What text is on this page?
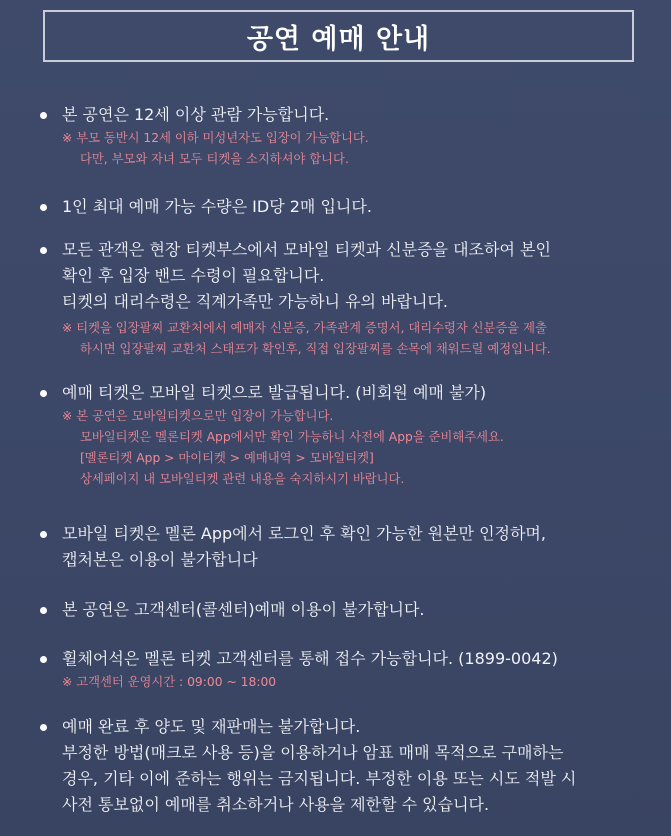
공연 예매 안내

본 공연은 12세 이상 관람 가능합니다.

※ 부모 동반시 12세 이하 미성년자도 입장이 가능합니다.

다만, 부모와 자녀 모두 티켓을 소지하셔야 합니다.

1인 최대 예매 가능 수량은 ID당 2매 입니다.

모든 관객은 현장 티켓부스에서 모바일 티켓과 신분증을 대조하여 본인

확인 후 입장 밴드 수령이 필요합니다.

티켓의 대리수령은 직계가족만 가능하니 유의 바랍니다.

※ 티켓을 입장팔찌 교환처에서 예매자 신분증, 가족관계 증명서, 대리수령자 신분증을 제출

하시면 입장팔찌 교환처 스태프가 확인후, 직접 입장팔찌를 손목에 채워드릴 예정입니다.

예매 티켓은 모바일 티켓으로 발급됩니다. (비회원 예매 불가)

※ 본 공연은 모바일티켓으로만 입장이 가능합니다.

모바일티켓은 멜론티켓 App에서만 확인 가능하니 사전에 App을 준비해주세요.

[멜론티켓 App > 마이티켓 > 예매내역 > 모바일티켓]

상세페이지 내 모바일티켓 관련 내용을 숙지하시기 바랍니다.

모바일 티켓은 멜론 App에서 로그인 후 확인 가능한 원본만 인정하며,

캡처본은 이용이 불가합니다

본 공연은 고객센터(콜센터)예매 이용이 불가합니다.

휠체어석은 멜론 티켓 고객센터를 통해 접수 가능합니다. (1899-0042)

※ 고객센터 운영시간 : 09:00 ~ 18:00

예매 완료 후 양도 및 재판매는 불가합니다.

부정한 방법(매크로 사용 등)을 이용하거나 암표 매매 목적으로 구매하는

경우, 기타 이에 준하는 행위는 금지됩니다. 부정한 이용 또는 시도 적발 시

사전 통보없이 예매를 취소하거나 사용을 제한할 수 있습니다.
